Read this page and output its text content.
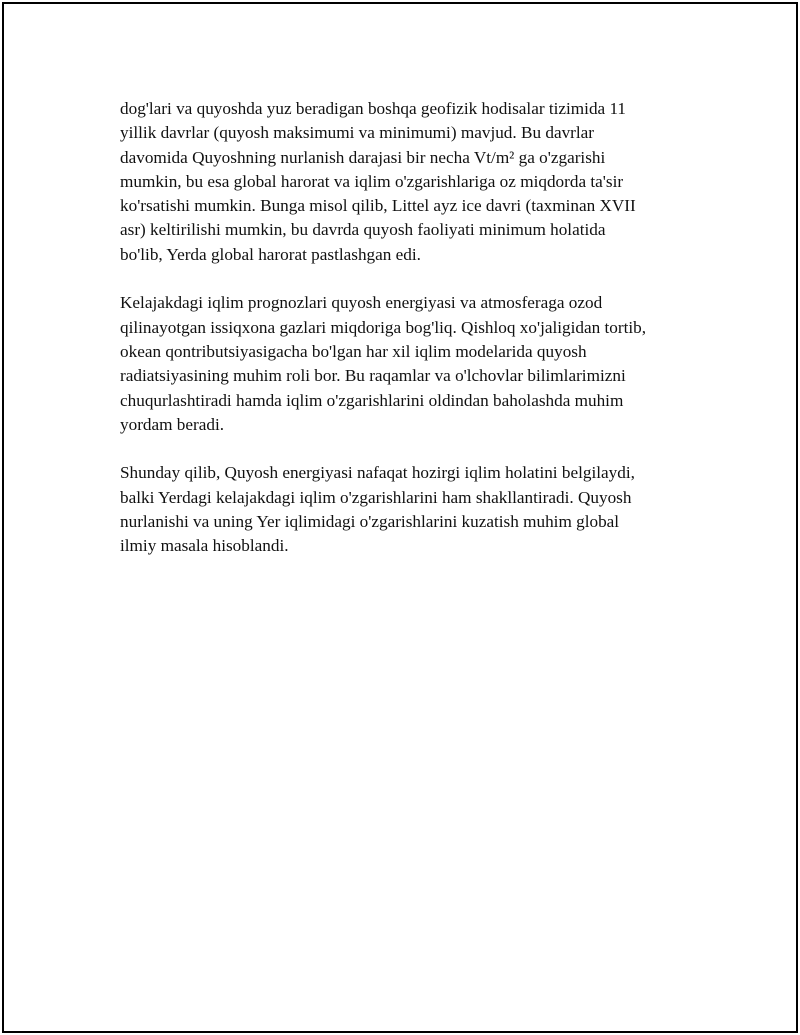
dog'lari va quyoshda yuz beradigan boshqa geofizik hodisalar tizimida 11
yillik davrlar (quyosh maksimumi va minimumi) mavjud. Bu davrlar
davomida Quyoshning nurlanish darajasi bir necha Vt/m² ga o'zgarishi
mumkin, bu esa global harorat va iqlim o'zgarishlariga oz miqdorda ta'sir
ko'rsatishi mumkin. Bunga misol qilib, Littel ayz ice davri (taxminan XVII
asr) keltirilishi mumkin, bu davrda quyosh faoliyati minimum holatida
bo'lib, Yerda global harorat pastlashgan edi.

Kelajakdagi iqlim prognozlari quyosh energiyasi va atmosferaga ozod
qilinayotgan issiqxona gazlari miqdoriga bog'liq. Qishloq xo'jaligidan tortib,
okean qontributsiyasigacha bo'lgan har xil iqlim modelarida quyosh
radiatsiyasining muhim roli bor. Bu raqamlar va o'lchovlar bilimlarimizni
chuqurlashtiradi hamda iqlim o'zgarishlarini oldindan baholashda muhim
yordam beradi.

Shunday qilib, Quyosh energiyasi nafaqat hozirgi iqlim holatini belgilaydi,
balki Yerdagi kelajakdagi iqlim o'zgarishlarini ham shakllantiradi. Quyosh
nurlanishi va uning Yer iqlimidagi o'zgarishlarini kuzatish muhim global
ilmiy masala hisoblandi.
